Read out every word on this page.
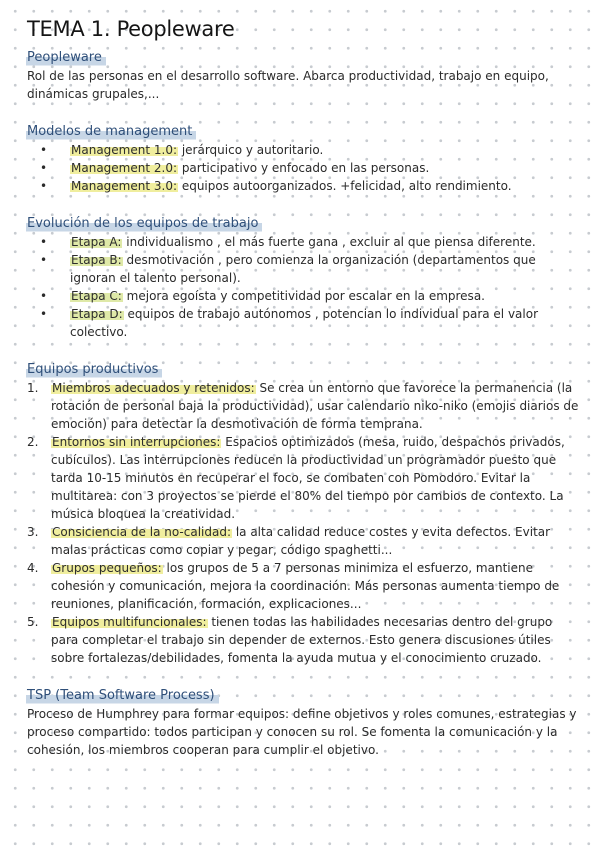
TEMA 1. Peopleware
Peopleware

Rol de las personas en el desarrollo software. Abarca productividad, trabajo en equipo, dinámicas grupales,...

Modelos de management
• Management 1.0: jerárquico y autoritario.
• Management 2.0: participativo y enfocado en las personas.
• Management 3.0: equipos autoorganizados. +felicidad, alto rendimiento.
Evolución de los equipos de trabajo
• Etapa A: individualismo , el más fuerte gana , excluir al que piensa diferente.
• Etapa B: desmotivación , pero comienza la organización (departamentos que ignoran el talento personal).
• Etapa C: mejora egoísta y competitividad por escalar en la empresa.
• Etapa D: equipos de trabajo autónomos , potencian lo individual para el valor colectivo.
Equipos productivos
1. Miembros adecuados y retenidos: Se crea un entorno que favorece la permanencia (la rotación de personal baja la productividad), usar calendario niko-niko (emojis diarios de emoción) para detectar la desmotivación de forma temprana.
2. Entornos sin interrupciones: Espacios optimizados (mesa, ruido, despachos privados, cubículos). Las interrupciones reducen la productividad un programador puesto que tarda 10-15 minutos en recuperar el foco, se combaten con Pomodoro. Evitar la multitarea: con 3 proyectos se pierde el 80% del tiempo por cambios de contexto. La música bloquea la creatividad.
3. Consiciencia de la no-calidad: la alta calidad reduce costes y evita defectos. Evitar malas prácticas como copiar y pegar, código spaghetti...
4. Grupos pequeños: los grupos de 5 a 7 personas minimiza el esfuerzo, mantiene cohesión y comunicación, mejora la coordinación. Más personas aumenta tiempo de reuniones, planificación, formación, explicaciones...
5. Equipos multifuncionales: tienen todas las habilidades necesarias dentro del grupo para completar el trabajo sin depender de externos. Esto genera discusiones útiles sobre fortalezas/debilidades, fomenta la ayuda mutua y el conocimiento cruzado.
TSP (Team Software Process)

Proceso de Humphrey para formar equipos: define objetivos y roles comunes, estrategias y proceso compartido: todos participan y conocen su rol. Se fomenta la comunicación y la cohesión, los miembros cooperan para cumplir el objetivo.
